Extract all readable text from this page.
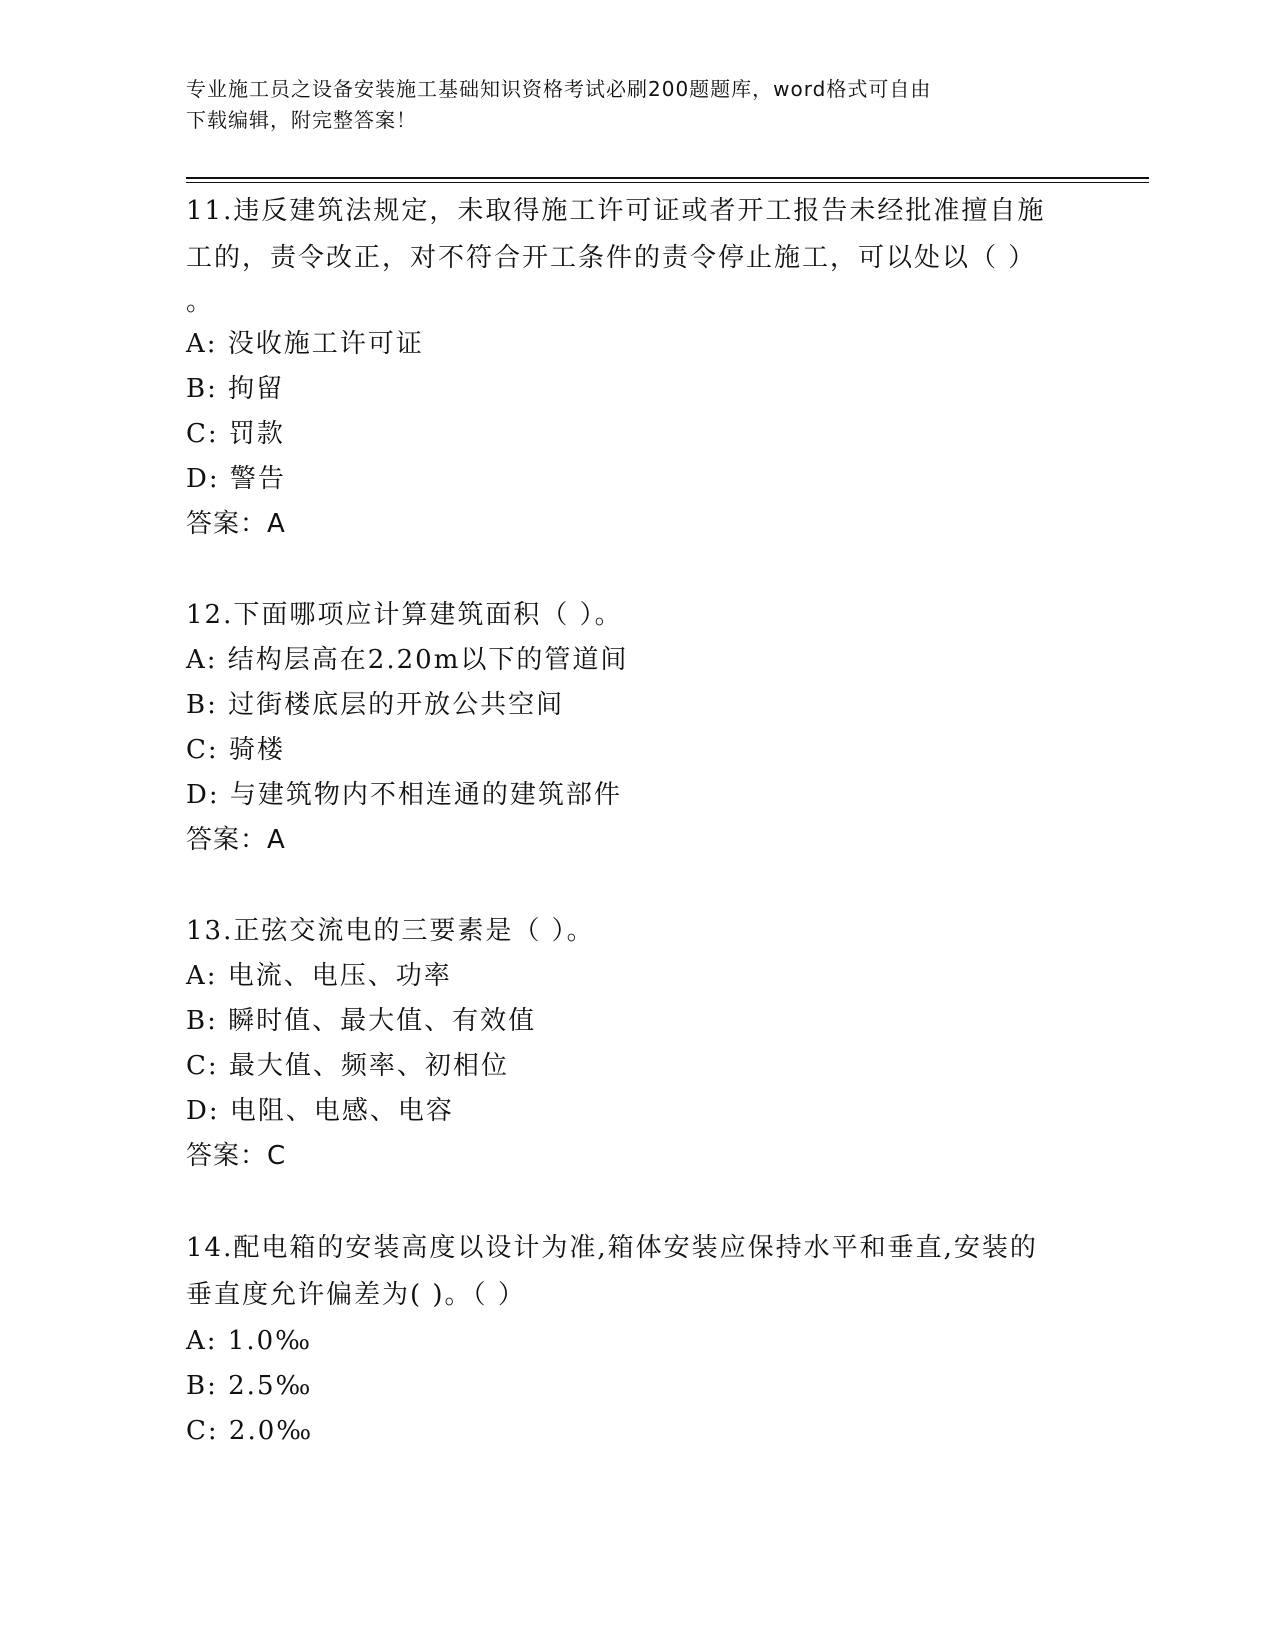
专业施工员之设备安装施工基础知识资格考试必刷200题题库，word格式可自由
下载编辑，附完整答案！
11.违反建筑法规定，未取得施工许可证或者开工报告未经批准擅自施
工的，责令改正，对不符合开工条件的责令停止施工，可以处以（ ）
。
A: 没收施工许可证
B: 拘留
C: 罚款
D: 警告
答案：A
12.下面哪项应计算建筑面积（ ）。
A: 结构层高在2.20m以下的管道间
B: 过街楼底层的开放公共空间
C: 骑楼
D: 与建筑物内不相连通的建筑部件
答案：A
13.正弦交流电的三要素是（ ）。
A: 电流、电压、功率
B: 瞬时值、最大值、有效值
C: 最大值、频率、初相位
D: 电阻、电感、电容
答案：C
14.配电箱的安装高度以设计为准,箱体安装应保持水平和垂直,安装的
垂直度允许偏差为( )。（ ）
A: 1.0‰
B: 2.5‰
C: 2.0‰
